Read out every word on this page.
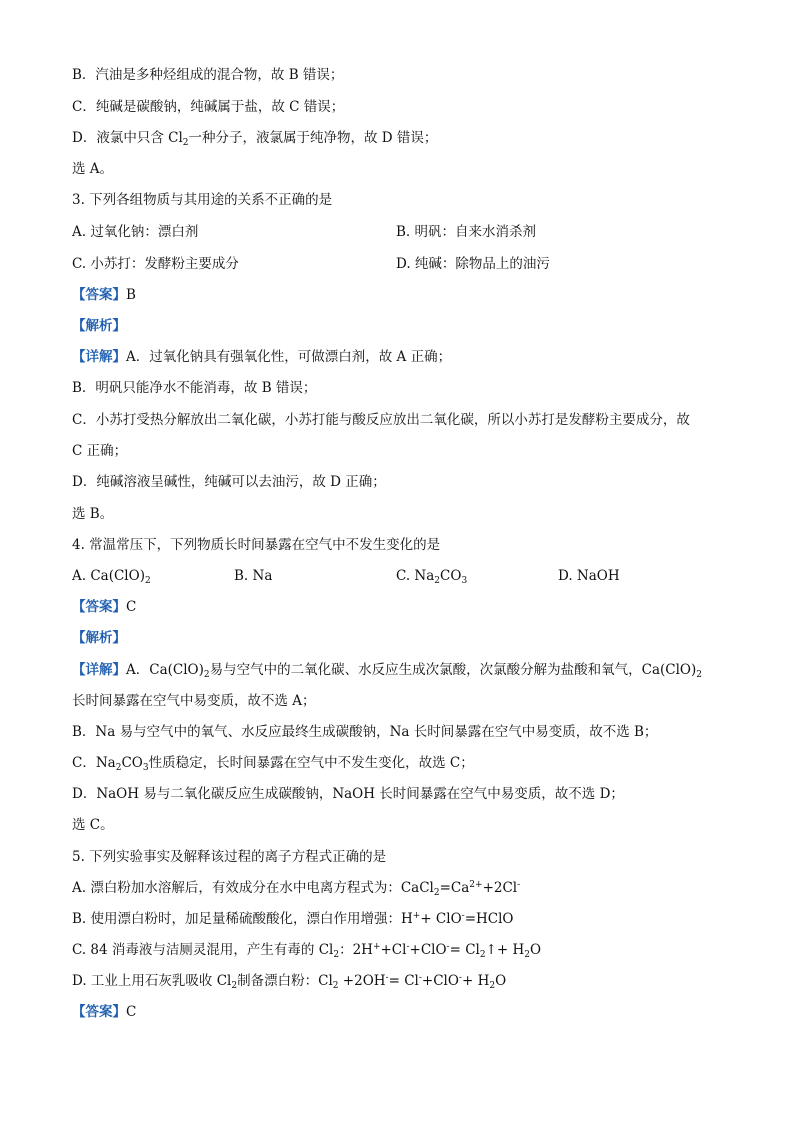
B．汽油是多种烃组成的混合物，故 B 错误；
C．纯碱是碳酸钠，纯碱属于盐，故 C 错误；
D．液氯中只含 $Cl_2$一种分子，液氯属于纯净物，故 D 错误；
选 A。
3. 下列各组物质与其用途的关系不正确的是
A. 过氧化钠：漂白剂	B. 明矾：自来水消杀剂
C. 小苏打：发酵粉主要成分	D. 纯碱：除物品上的油污
【答案】B
【解析】
【详解】A．过氧化钠具有强氧化性，可做漂白剂，故 A 正确；
B．明矾只能净水不能消毒，故 B 错误；
C．小苏打受热分解放出二氧化碳，小苏打能与酸反应放出二氧化碳，所以小苏打是发酵粉主要成分，故
C 正确；
D．纯碱溶液呈碱性，纯碱可以去油污，故 D 正确；
选 B。
4. 常温常压下，下列物质长时间暴露在空气中不发生变化的是
A. $Ca(ClO)_2$	B. Na	C. $Na_2CO_3$	D. NaOH
【答案】C
【解析】
【详解】A．$Ca(ClO)_2$易与空气中的二氧化碳、水反应生成次氯酸，次氯酸分解为盐酸和氧气，$Ca(ClO)_2$
长时间暴露在空气中易变质，故不选 A；
B．Na 易与空气中的氧气、水反应最终生成碳酸钠，Na 长时间暴露在空气中易变质，故不选 B；
C．$Na_2CO_3$性质稳定，长时间暴露在空气中不发生变化，故选 C；
D．NaOH 易与二氧化碳反应生成碳酸钠，NaOH 长时间暴露在空气中易变质，故不选 D；
选 C。
5. 下列实验事实及解释该过程的离子方程式正确的是
A. 漂白粉加水溶解后，有效成分在水中电离方程式为：$CaCl_2=Ca^{2+}+2Cl^-$
B. 使用漂白粉时，加足量稀硫酸酸化，漂白作用增强：H++ ClO-=HClO
C. 84 消毒液与洁厕灵混用，产生有毒的 $Cl_2$：$2H^++Cl^-+ClO^-= Cl_2↑+ H_2O$
D. 工业上用石灰乳吸收 $Cl_2$制备漂白粉：$Cl_2 +2OH^-= Cl^-+ClO^-+ H_2O$
【答案】C
